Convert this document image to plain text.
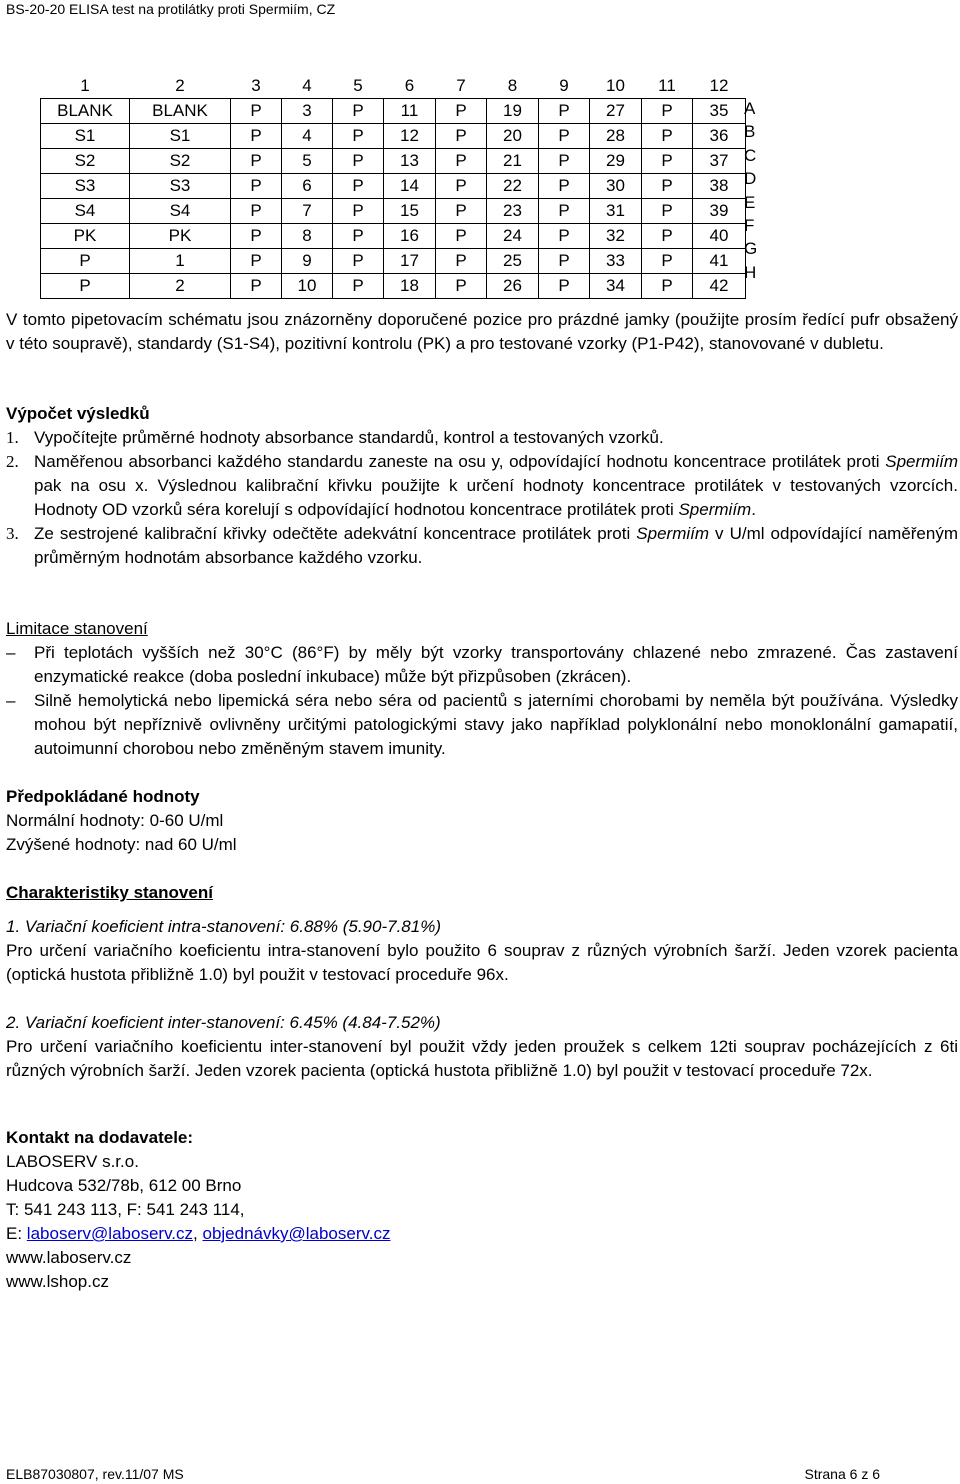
BS-20-20 ELISA test na protilátky proti Spermiím, CZ
1	2	3	4	5	6	7	8	9	10	11	12
BLANK	BLANK	P	3	P	11	P	19	P	27	P	35
S1	S1	P	4	P	12	P	20	P	28	P	36
S2	S2	P	5	P	13	P	21	P	29	P	37
S3	S3	P	6	P	14	P	22	P	30	P	38
S4	S4	P	7	P	15	P	23	P	31	P	39
PK	PK	P	8	P	16	P	24	P	32	P	40
P	1	P	9	P	17	P	25	P	33	P	41
P	2	P	10	P	18	P	26	P	34	P	42
A
B
C
D
E
F
G
H
V tomto pipetovacím schématu jsou znázorněny doporučené pozice pro prázdné jamky (použijte prosím ředící pufr obsažený v této soupravě), standardy (S1-S4), pozitivní kontrolu (PK) a pro testované vzorky (P1-P42), stanovované v dubletu.
Výpočet výsledků
1. Vypočítejte průměrné hodnoty absorbance standardů, kontrol a testovaných vzorků.
2. Naměřenou absorbanci každého standardu zaneste na osu y, odpovídající hodnotu koncentrace protilátek proti Spermiím pak na osu x. Výslednou kalibrační křivku použijte k určení hodnoty koncentrace protilátek v testovaných vzorcích. Hodnoty OD vzorků séra korelují s odpovídající hodnotou koncentrace protilátek proti Spermiím.
3. Ze sestrojené kalibrační křivky odečtěte adekvátní koncentrace protilátek proti Spermiím v U/ml odpovídající naměřeným průměrným hodnotám absorbance každého vzorku.
Limitace stanovení
– Při teplotách vyšších než 30°C (86°F) by měly být vzorky transportovány chlazené nebo zmrazené. Čas zastavení enzymatické reakce (doba poslední inkubace) může být přizpůsoben (zkrácen).
– Silně hemolytická nebo lipemická séra nebo séra od pacientů s jaterními chorobami by neměla být používána. Výsledky mohou být nepříznivě ovlivněny určitými patologickými stavy jako například polyklonální nebo monoklonální gamapatií, autoimunní chorobou nebo změněným stavem imunity.
Předpokládané hodnoty
Normální hodnoty: 0-60 U/ml
Zvýšené hodnoty: nad 60 U/ml
Charakteristiky stanovení
1. Variační koeficient intra-stanovení: 6.88% (5.90-7.81%)
Pro určení variačního koeficientu intra-stanovení bylo použito 6 souprav z různých výrobních šarží. Jeden vzorek pacienta (optická hustota přibližně 1.0) byl použit v testovací proceduře 96x.
2. Variační koeficient inter-stanovení: 6.45% (4.84-7.52%)
Pro určení variačního koeficientu inter-stanovení byl použit vždy jeden proužek s celkem 12ti souprav pocházejících z 6ti různých výrobních šarží. Jeden vzorek pacienta (optická hustota přibližně 1.0) byl použit v testovací proceduře 72x.
Kontakt na dodavatele:
LABOSERV s.r.o.
Hudcova 532/78b, 612 00 Brno
T: 541 243 113, F: 541 243 114,
E: laboserv@laboserv.cz, objednávky@laboserv.cz
www.laboserv.cz
www.lshop.cz
ELB87030807, rev.11/07 MS	Strana 6 z 6
